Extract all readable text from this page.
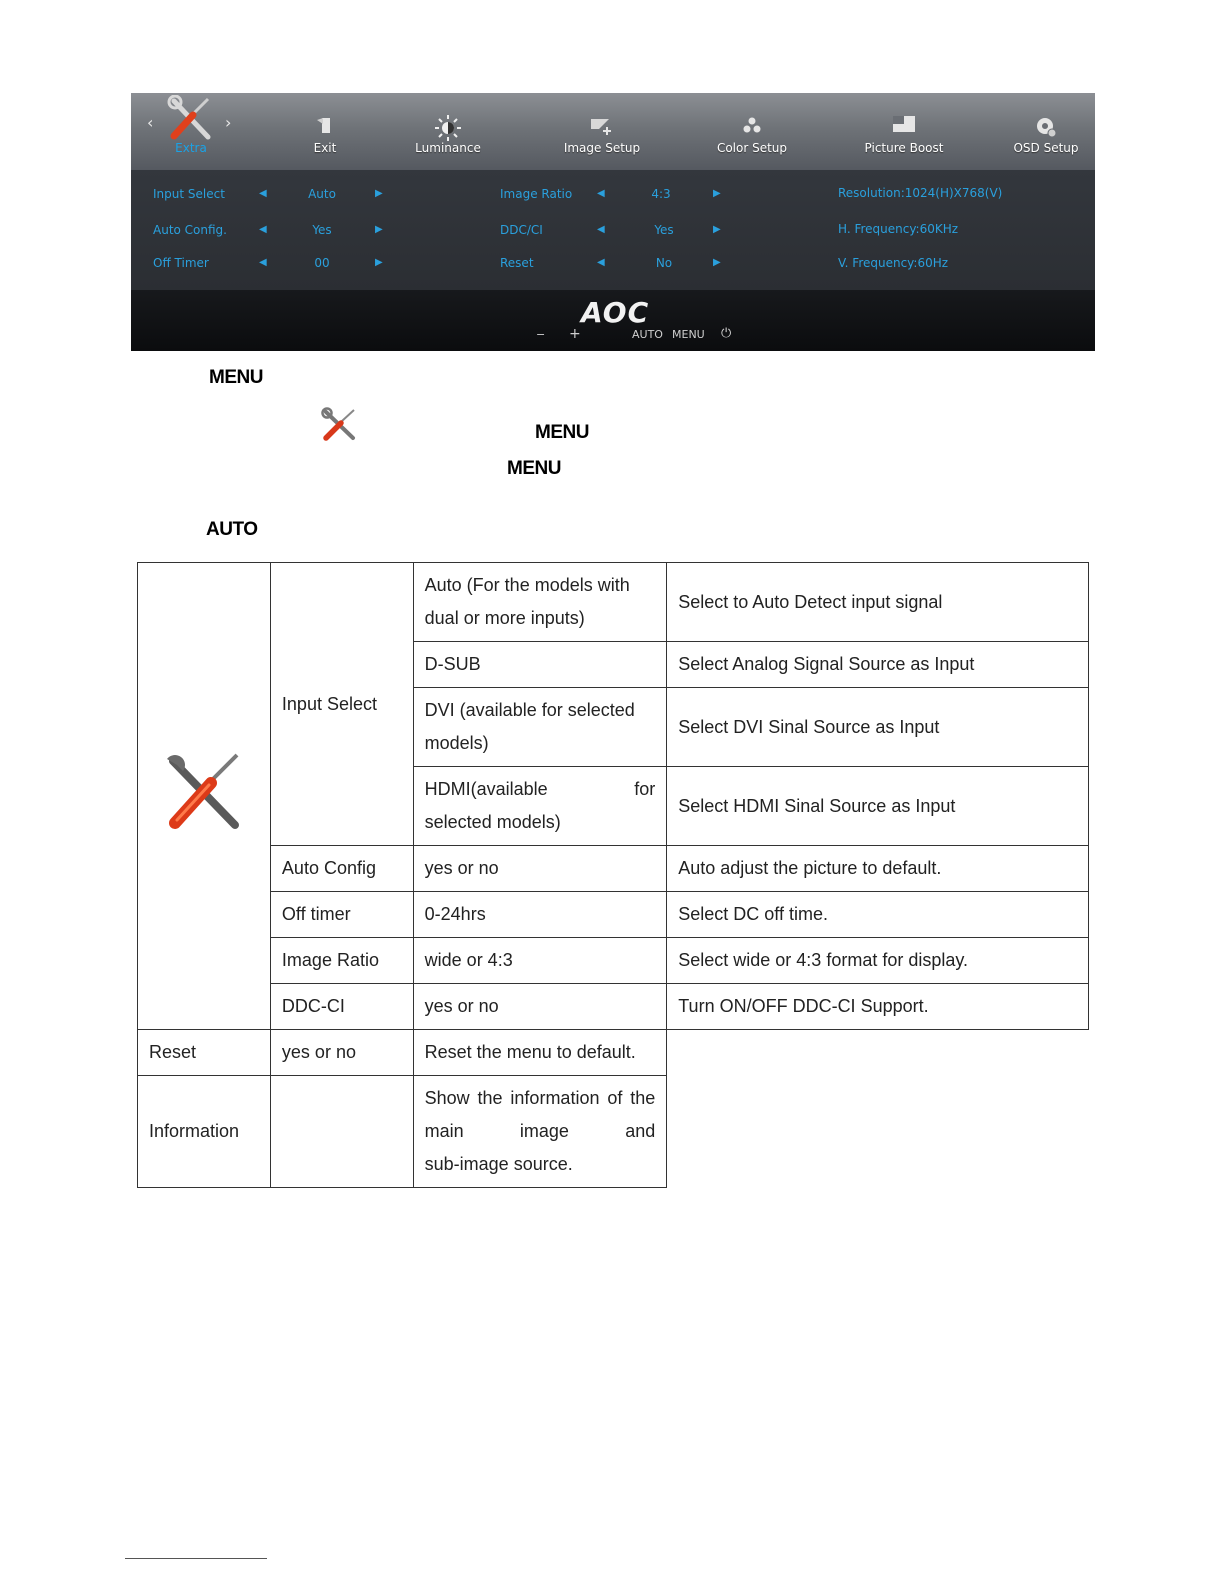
‹	›
Extra	Exit	Luminance	Image Setup	Color Setup	Picture Boost	OSD Setup
Input Select	◀	Auto	▶
Auto Config.	◀	Yes	▶
Off Timer	◀	00	▶
Image Ratio ◀	4:3	▶
DDC/CI	◀	Yes	▶
Reset	◀	No	▶
Resolution:1024(H)X768(V)
H. Frequency:60KHz
V. Frequency:60Hz
AOC
− +	AUTO MENU ⏻
MENU
MENU
MENU
AUTO
	Input Select	Auto (For the models with
dual or more inputs)	Select to Auto Detect input signal

		D-SUB	Select Analog Signal Source as Input

		DVI (available for selected
models)	Select DVI Sinal Source as Input

		HDMI(available for

selected models)	Select HDMI Sinal Source as Input

	Auto Config	yes or no	Auto adjust the picture to default.
	Off timer	0-24hrs	Select DC off time.
	Image Ratio	wide or 4:3	Select wide or 4:3 format for display.
	DDC-CI	yes or no	Turn ON/OFF DDC-CI Support.
Reset	yes or no	Reset the menu to default.	
Information		Show the information of the main image and
sub-image source.	
